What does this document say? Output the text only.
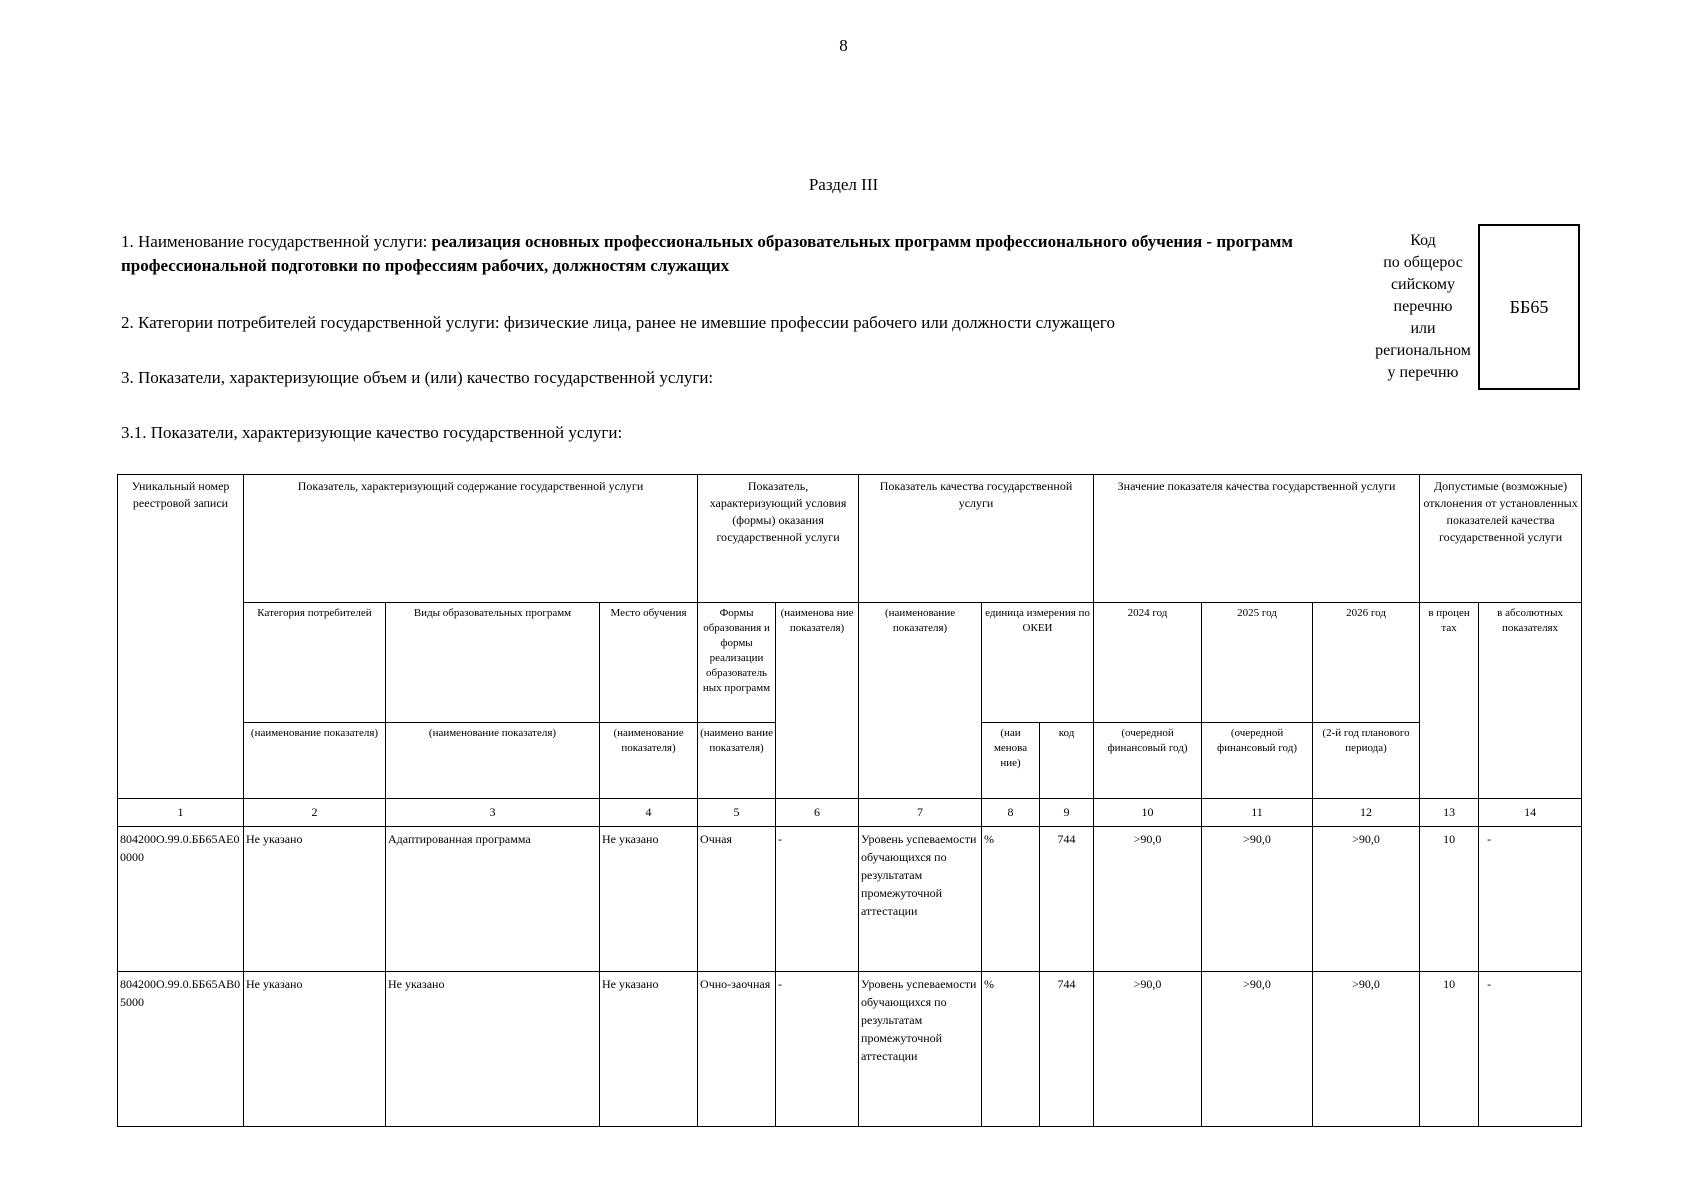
8
Раздел III
1. Наименование государственной услуги: реализация основных профессиональных образовательных программ профессионального обучения - программ профессиональной подготовки по профессиям рабочих, должностям служащих
2. Категории потребителей государственной услуги: физические лица, ранее не имевшие профессии рабочего или должности служащего
3. Показатели, характеризующие объем и (или) качество государственной услуги:
3.1. Показатели, характеризующие качество государственной услуги:
Код
по общерос
сийскому
перечню
или
региональном
у перечню
ББ65
Уникальный номер реестровой записи	Показатель, характеризующий содержание государственной услуги			Показатель, характеризующий условия (формы) оказания государственной услуги		Показатель качества государственной услуги			Значение показателя качества государственной услуги			Допустимые (возможные) отклонения от установленных показателей качества государственной услуги	
	Категория потребителей	Виды образовательных программ	Место обучения	Формы образования и формы реализации образователь ных программ	(наименова ние показателя)	(наименование показателя)	единица измерения по ОКЕИ		2024 год	2025 год	2026 год	в процен тах	в абсолютных показателях
	(наименование показателя)	(наименование показателя)	(наименование показателя)	(наимено вание показателя)			(наи менова ние)	код	(очередной финансовый год)	(очередной финансовый год)	(2-й год планового периода)		
1	2	3	4	5	6	7	8	9	10	11	12	13	14
804200О.99.0.ББ65АЕ00000	Не указано	Адаптированная программа	Не указано	Очная	-	Уровень успеваемости обучающихся по результатам промежуточной аттестации	%	744	>90,0	>90,0	>90,0	10	-
804200О.99.0.ББ65АВ05000	Не указано	Не указано	Не указано	Очно-заочная	-	Уровень успеваемости обучающихся по результатам промежуточной аттестации	%	744	>90,0	>90,0	>90,0	10	-
